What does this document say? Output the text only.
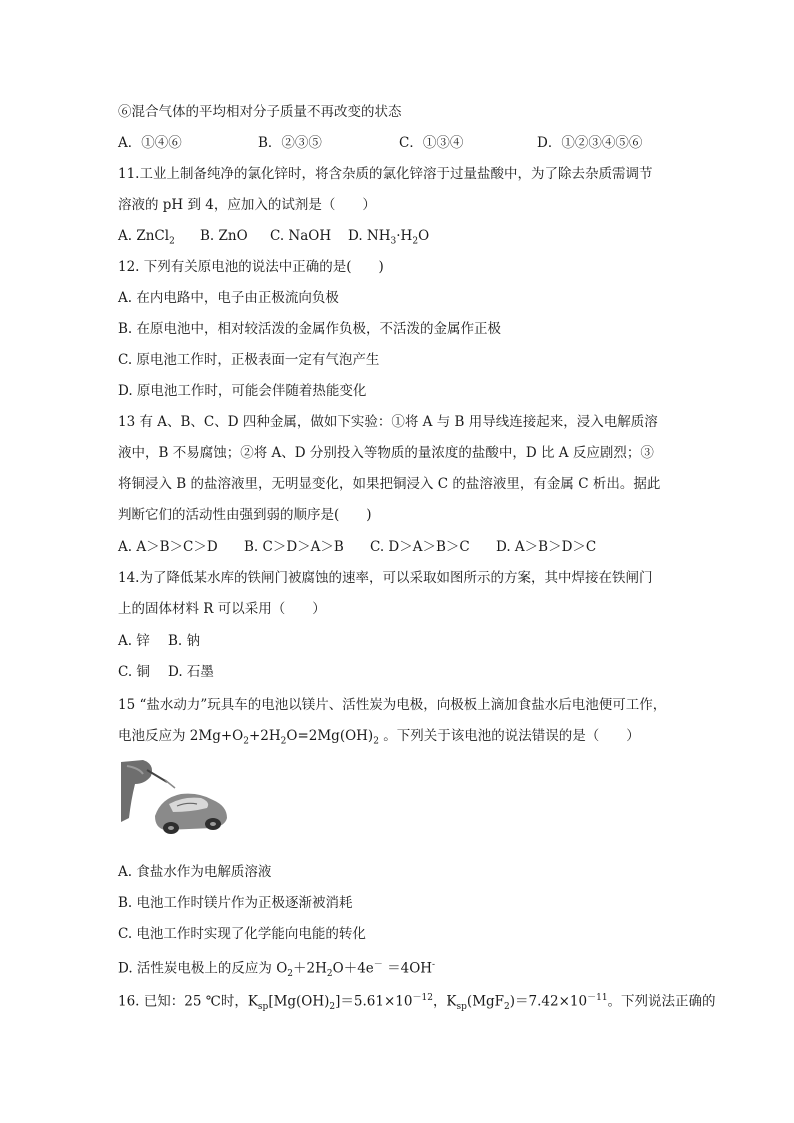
⑥混合气体的平均相对分子质量不再改变的状态
A．①④⑥	B．②③⑤	C．①③④	D．①②③④⑤⑥
11.工业上制备纯净的氯化锌时，将含杂质的氯化锌溶于过量盐酸中，为了除去杂质需调节
溶液的 pH 到 4，应加入的试剂是（　　）
A. ZnCl$_2$	B. ZnO	C. NaOH	D. $NH_3\cdot H_2O$
12. 下列有关原电池的说法中正确的是(　　)
A. 在内电路中，电子由正极流向负极
B. 在原电池中，相对较活泼的金属作负极，不活泼的金属作正极
C. 原电池工作时，正极表面一定有气泡产生
D. 原电池工作时，可能会伴随着热能变化
13 有 A、B、C、D 四种金属，做如下实验：①将 A 与 B 用导线连接起来，浸入电解质溶
液中，B 不易腐蚀；②将 A、D 分别投入等物质的量浓度的盐酸中，D 比 A 反应剧烈；③
将铜浸入 B 的盐溶液里，无明显变化，如果把铜浸入 C 的盐溶液里，有金属 C 析出。据此
判断它们的活动性由强到弱的顺序是(　　)
A. A＞B＞C＞D	B. C＞D＞A＞B	C. D＞A＞B＞C	D. A＞B＞D＞C
14.为了降低某水库的铁闸门被腐蚀的速率，可以采取如图所示的方案，其中焊接在铁闸门
上的固体材料 R 可以采用（　　）
A. 锌	B. 钠
C. 铜	D. 石墨
15 “盐水动力”玩具车的电池以镁片、活性炭为电极，向极板上滴加食盐水后电池便可工作，
电池反应为 $2Mg+O_2+2H_2O=2Mg(OH)_2$ 。下列关于该电池的说法错误的是（　　）
A. 食盐水作为电解质溶液
B. 电池工作时镁片作为正极逐渐被消耗
C. 电池工作时实现了化学能向电能的转化
D. 活性炭电极上的反应为 $O_2+2H_2O+4e^- =4OH^-$
16. 已知：25 ℃时，$K_{sp}[Mg(OH)_2]=5.61\times 10^{-12}$，$K_{sp}(MgF_2)=7.42\times 10^{-11}$。下列说法正确的
